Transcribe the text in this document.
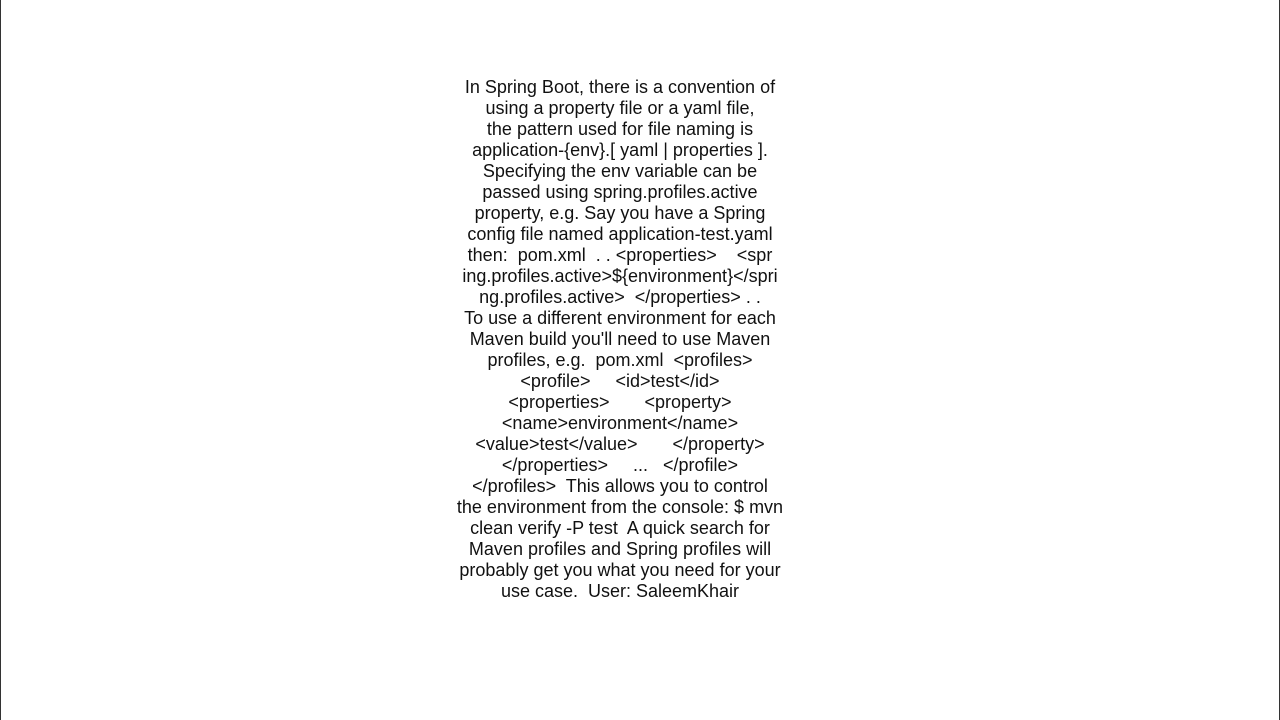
In Spring Boot, there is a convention of
using a property file or a yaml file,
the pattern used for file naming is
application-{env}.[ yaml | properties ].
Specifying the env variable can be
passed using spring.profiles.active
property, e.g. Say you have a Spring
config file named application-test.yaml
then:  pom.xml  . . <properties>    <spr
ing.profiles.active>${environment}</spri
ng.profiles.active>  </properties> . .
To use a different environment for each
Maven build you'll need to use Maven
profiles, e.g.  pom.xml  <profiles>
<profile>     <id>test</id>
<properties>       <property>
<name>environment</name>
<value>test</value>       </property>
</properties>     ...   </profile>
</profiles>  This allows you to control
the environment from the console: $ mvn
clean verify -P test  A quick search for
Maven profiles and Spring profiles will
probably get you what you need for your
use case.  User: SaleemKhair
